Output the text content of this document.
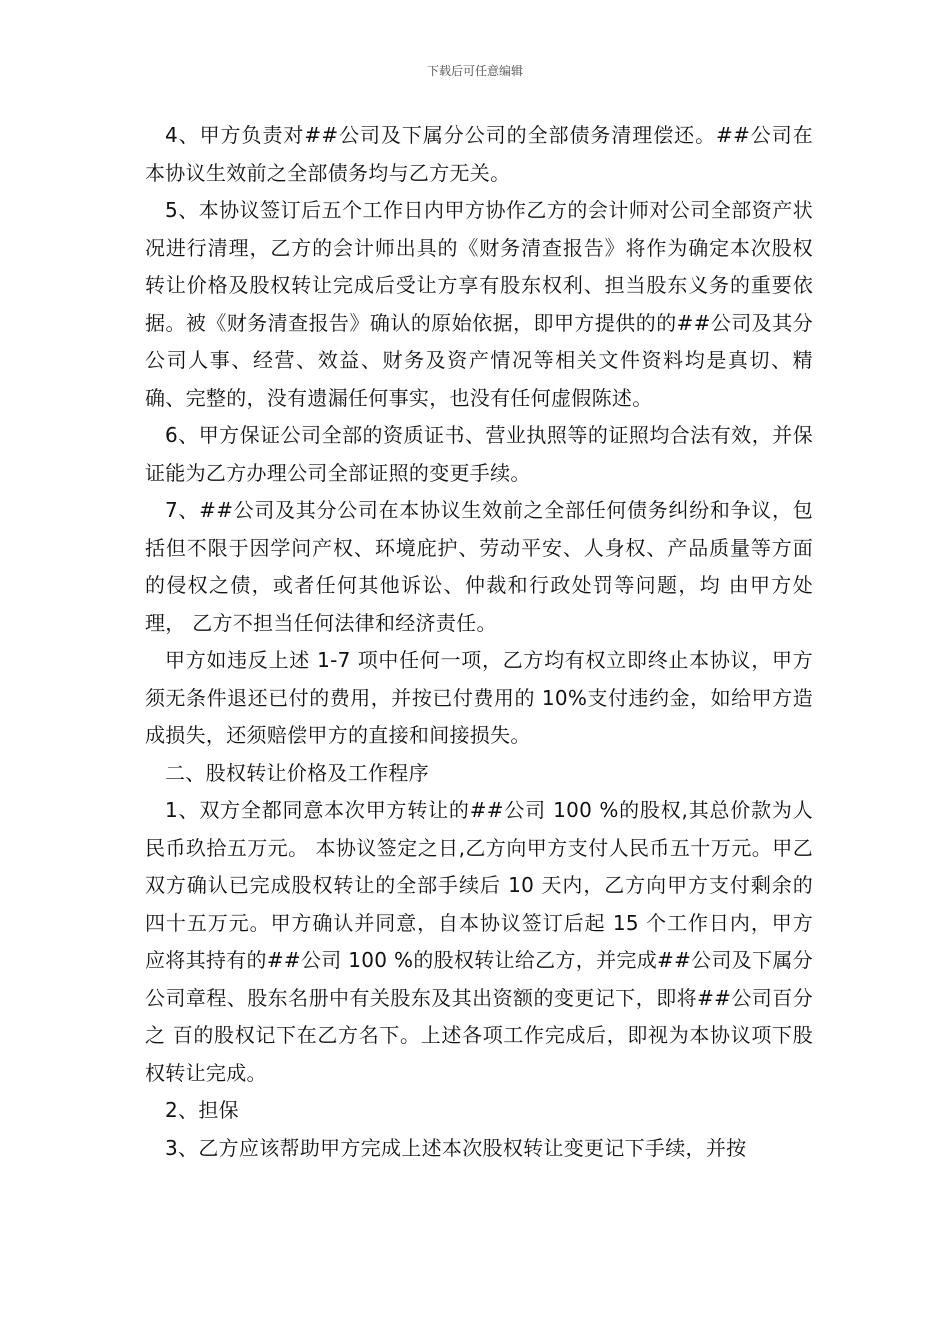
下载后可任意编辑

4、甲方负责对##公司及下属分公司的全部债务清理偿还。##公司在本协议生效前之全部债务均与乙方无关。

5、本协议签订后五个工作日内甲方协作乙方的会计师对公司全部资产状况进行清理，乙方的会计师出具的《财务清查报告》将作为确定本次股权转让价格及股权转让完成后受让方享有股东权利、担当股东义务的重要依据。被《财务清查报告》确认的原始依据，即甲方提供的的##公司及其分公司人事、经营、效益、财务及资产情况等相关文件资料均是真切、精确、完整的，没有遗漏任何事实，也没有任何虚假陈述。

6、甲方保证公司全部的资质证书、营业执照等的证照均合法有效，并保证能为乙方办理公司全部证照的变更手续。

7、##公司及其分公司在本协议生效前之全部任何债务纠纷和争议，包括但不限于因学问产权、环境庇护、劳动平安、人身权、产品质量等方面的侵权之债，或者任何其他诉讼、仲裁和行政处罚等问题，均 由甲方处理， 乙方不担当任何法律和经济责任。

甲方如违反上述 1-7 项中任何一项，乙方均有权立即终止本协议，甲方须无条件退还已付的费用，并按已付费用的 10%支付违约金，如给甲方造成损失，还须赔偿甲方的直接和间接损失。

二、股权转让价格及工作程序

1、双方全都同意本次甲方转让的##公司 100 %的股权,其总价款为人民币玖拾五万元。 本协议签定之日,乙方向甲方支付人民币五十万元。甲乙双方确认已完成股权转让的全部手续后 10 天内，乙方向甲方支付剩余的四十五万元。甲方确认并同意，自本协议签订后起 15 个工作日内，甲方应将其持有的##公司 100 %的股权转让给乙方，并完成##公司及下属分公司章程、股东名册中有关股东及其出资额的变更记下，即将##公司百分之 百的股权记下在乙方名下。上述各项工作完成后，即视为本协议项下股权转让完成。

2、担保

3、乙方应该帮助甲方完成上述本次股权转让变更记下手续，并按
